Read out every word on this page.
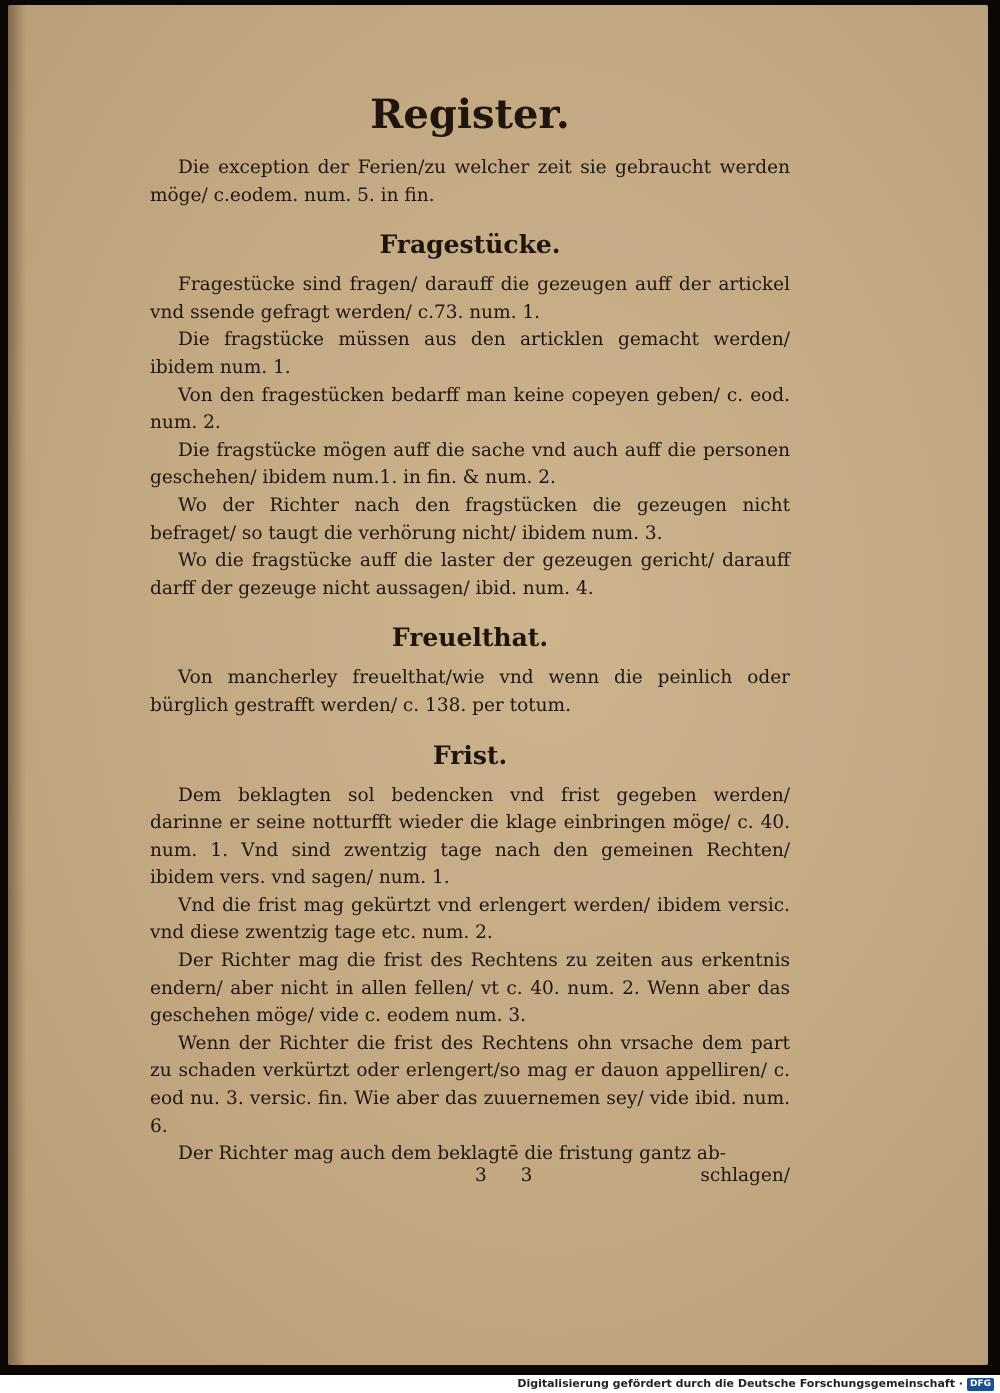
Register.

Die exception der Ferien/zu welcher zeit sie gebraucht werden möge/ c.eodem. num. 5. in fin.

Fragestücke.

Fragestücke sind fragen/ darauff die gezeugen auff der artickel vnd ssende gefragt werden/ c.73. num. 1.

Die fragstücke müssen aus den articklen gemacht werden/ ibidem num. 1.

Von den fragestücken bedarff man keine copeyen geben/ c. eod. num. 2.

Die fragstücke mögen auff die sache vnd auch auff die personen geschehen/ ibidem num.1. in fin. & num. 2.

Wo der Richter nach den fragstücken die gezeugen nicht befraget/ so taugt die verhörung nicht/ ibidem num. 3.

Wo die fragstücke auff die laster der gezeugen gericht/ darauff darff der gezeuge nicht aussagen/ ibid. num. 4.

Freuelthat.

Von mancherley freuelthat/wie vnd wenn die peinlich oder bürglich gestrafft werden/ c. 138. per totum.

Frist.

Dem beklagten sol bedencken vnd frist gegeben werden/ darinne er seine notturfft wieder die klage einbringen möge/ c. 40. num. 1. Vnd sind zwentzig tage nach den gemeinen Rechten/ ibidem vers. vnd sagen/ num. 1.

Vnd die frist mag gekürtzt vnd erlengert werden/ ibidem versic. vnd diese zwentzig tage etc. num. 2.

Der Richter mag die frist des Rechtens zu zeiten aus erkentnis endern/ aber nicht in allen fellen/ vt c. 40. num. 2. Wenn aber das geschehen möge/ vide c. eodem num. 3.

Wenn der Richter die frist des Rechtens ohn vrsache dem part zu schaden verkürtzt oder erlengert/so mag er dauon appelliren/ c. eod nu. 3. versic. fin. Wie aber das zuuernemen sey/ vide ibid. num. 6.

Der Richter mag auch dem beklagtē die fristung gantz ab-

3 3	schlagen/
Digitalisierung gefördert durch die Deutsche Forschungsgemeinschaft · DFG
